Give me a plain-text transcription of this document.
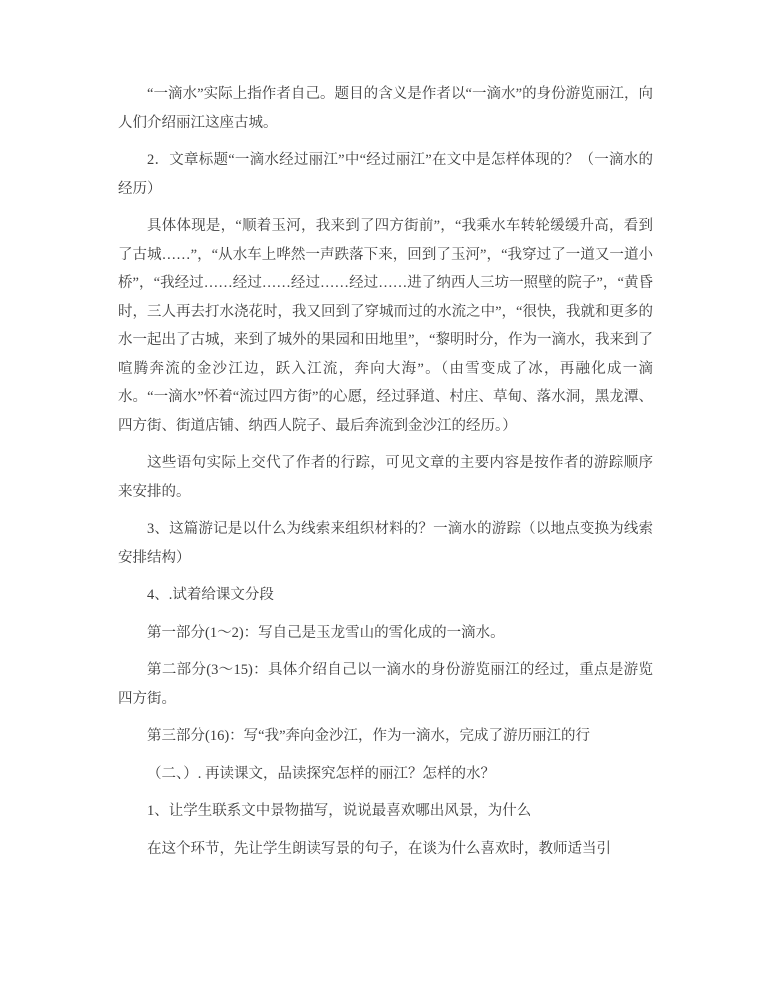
“一滴水”实际上指作者自己。题目的含义是作者以“一滴水”的身份游览丽江，向人们介绍丽江这座古城。

2．文章标题“一滴水经过丽江”中“经过丽江”在文中是怎样体现的？（一滴水的经历）

具体体现是，“顺着玉河，我来到了四方街前”，“我乘水车转轮缓缓升高，看到了古城……”，“从水车上哗然一声跌落下来，回到了玉河”，“我穿过了一道又一道小桥”，“我经过……经过……经过……经过……进了纳西人三坊一照壁的院子”，“黄昏时，三人再去打水浇花时，我又回到了穿城而过的水流之中”，“很快，我就和更多的水一起出了古城，来到了城外的果园和田地里”，“黎明时分，作为一滴水，我来到了喧腾奔流的金沙江边，跃入江流，奔向大海”。（由雪变成了冰，再融化成一滴水。“一滴水”怀着“流过四方街”的心愿，经过驿道、村庄、草甸、落水洞，黑龙潭、四方街、街道店铺、纳西人院子、最后奔流到金沙江的经历。）

这些语句实际上交代了作者的行踪，可见文章的主要内容是按作者的游踪顺序来安排的。

3、这篇游记是以什么为线索来组织材料的？一滴水的游踪（以地点变换为线索安排结构）

4、.试着给课文分段

第一部分(1～2)：写自己是玉龙雪山的雪化成的一滴水。

第二部分(3～15)：具体介绍自己以一滴水的身份游览丽江的经过，重点是游览四方街。

第三部分(16)：写“我”奔向金沙江，作为一滴水，完成了游历丽江的行

（二、）. 再读课文，品读探究怎样的丽江？怎样的水？

1、让学生联系文中景物描写，说说最喜欢哪出风景，为什么

在这个环节，先让学生朗读写景的句子，在谈为什么喜欢时，教师适当引
